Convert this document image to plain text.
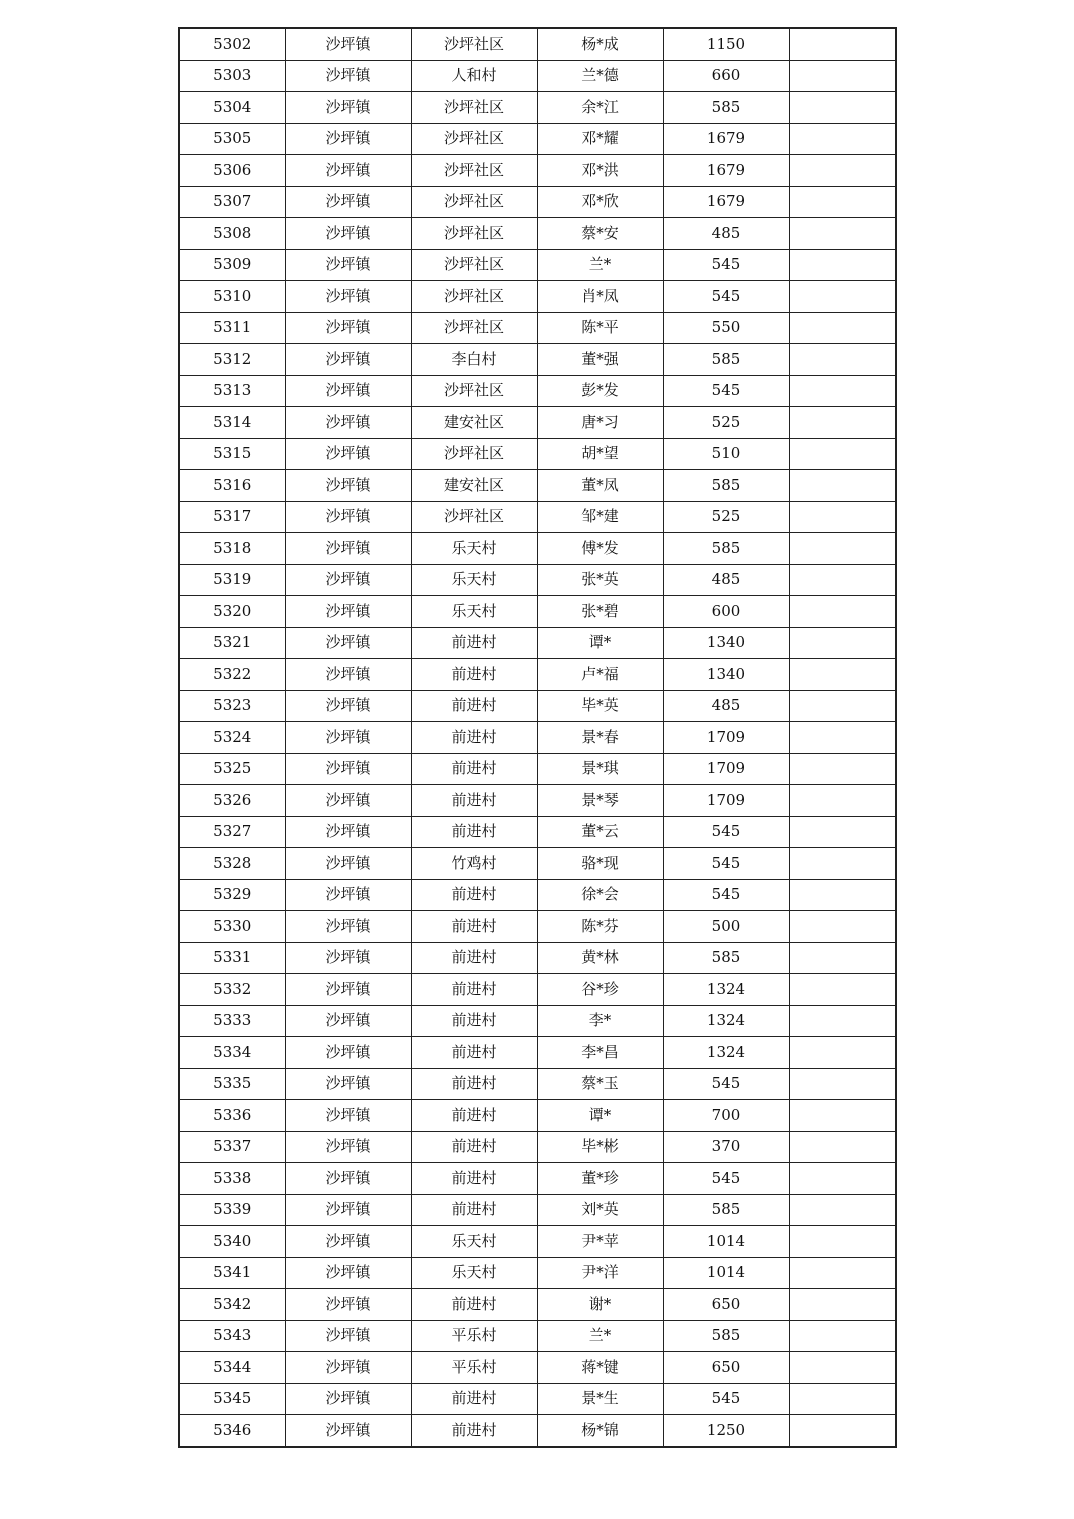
5302	沙坪镇	沙坪社区	杨*成	1150	
5303	沙坪镇	人和村	兰*德	660	
5304	沙坪镇	沙坪社区	余*江	585	
5305	沙坪镇	沙坪社区	邓*耀	1679	
5306	沙坪镇	沙坪社区	邓*洪	1679	
5307	沙坪镇	沙坪社区	邓*欣	1679	
5308	沙坪镇	沙坪社区	蔡*安	485	
5309	沙坪镇	沙坪社区	兰*	545	
5310	沙坪镇	沙坪社区	肖*凤	545	
5311	沙坪镇	沙坪社区	陈*平	550	
5312	沙坪镇	李白村	董*强	585	
5313	沙坪镇	沙坪社区	彭*发	545	
5314	沙坪镇	建安社区	唐*习	525	
5315	沙坪镇	沙坪社区	胡*望	510	
5316	沙坪镇	建安社区	董*凤	585	
5317	沙坪镇	沙坪社区	邹*建	525	
5318	沙坪镇	乐天村	傅*发	585	
5319	沙坪镇	乐天村	张*英	485	
5320	沙坪镇	乐天村	张*碧	600	
5321	沙坪镇	前进村	谭*	1340	
5322	沙坪镇	前进村	卢*福	1340	
5323	沙坪镇	前进村	毕*英	485	
5324	沙坪镇	前进村	景*春	1709	
5325	沙坪镇	前进村	景*琪	1709	
5326	沙坪镇	前进村	景*琴	1709	
5327	沙坪镇	前进村	董*云	545	
5328	沙坪镇	竹鸡村	骆*现	545	
5329	沙坪镇	前进村	徐*会	545	
5330	沙坪镇	前进村	陈*芬	500	
5331	沙坪镇	前进村	黄*林	585	
5332	沙坪镇	前进村	谷*珍	1324	
5333	沙坪镇	前进村	李*	1324	
5334	沙坪镇	前进村	李*昌	1324	
5335	沙坪镇	前进村	蔡*玉	545	
5336	沙坪镇	前进村	谭*	700	
5337	沙坪镇	前进村	毕*彬	370	
5338	沙坪镇	前进村	董*珍	545	
5339	沙坪镇	前进村	刘*英	585	
5340	沙坪镇	乐天村	尹*苹	1014	
5341	沙坪镇	乐天村	尹*洋	1014	
5342	沙坪镇	前进村	谢*	650	
5343	沙坪镇	平乐村	兰*	585	
5344	沙坪镇	平乐村	蒋*键	650	
5345	沙坪镇	前进村	景*生	545	
5346	沙坪镇	前进村	杨*锦	1250	
